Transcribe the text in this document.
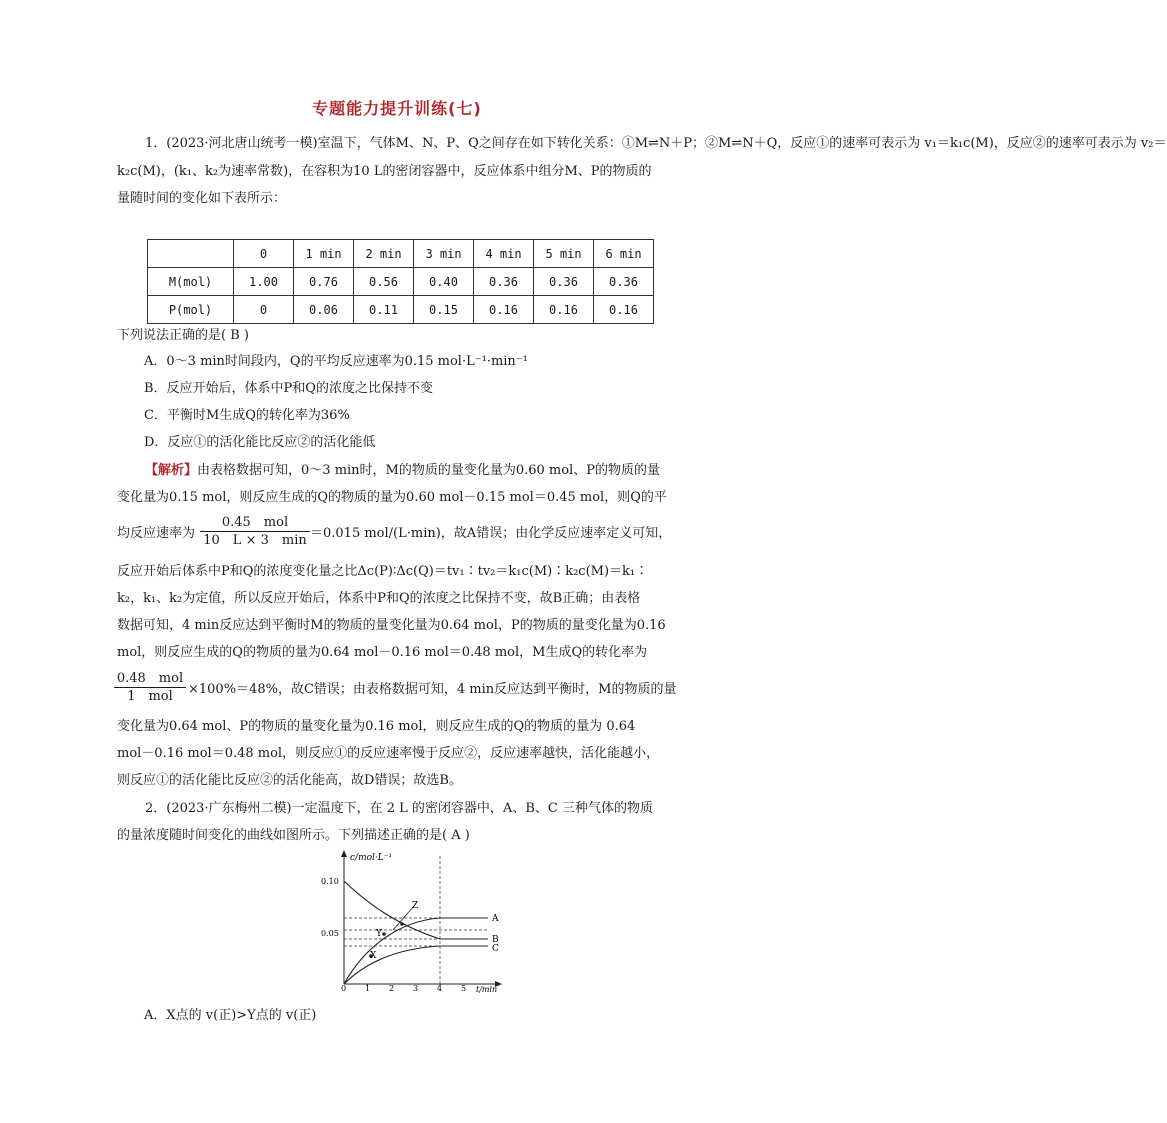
专题能力提升训练(七)
1．(2023·河北唐山统考一模)室温下，气体M、N、P、Q之间存在如下转化关系：①M⇌N＋P；②M⇌N＋Q，反应①的速率可表示为 v₁＝k₁c(M)，反应②的速率可表示为 v₂＝
k₂c(M)，(k₁、k₂为速率常数)，在容积为10 L的密闭容器中，反应体系中组分M、P的物质的
量随时间的变化如下表所示：
	0	1 min	2 min	3 min	4 min	5 min	6 min
M(mol)	1.00	0.76	0.56	0.40	0.36	0.36	0.36
P(mol)	0	0.06	0.11	0.15	0.16	0.16	0.16
下列说法正确的是( B )
A．0～3 min时间段内，Q的平均反应速率为0.15 mol·L⁻¹·min⁻¹
B．反应开始后，体系中P和Q的浓度之比保持不变
C．平衡时M生成Q的转化率为36%
D．反应①的活化能比反应②的活化能低
【解析】由表格数据可知，0～3 min时，M的物质的量变化量为0.60 mol、P的物质的量
变化量为0.15 mol，则反应生成的Q的物质的量为0.60 mol－0.15 mol＝0.45 mol，则Q的平
均反应速率为
0.45　mol
10　L × 3　min ＝0.015 mol/(L·min)，故A错误；由化学反应速率定义可知，
反应开始后体系中P和Q的浓度变化量之比Δc(P)∶Δc(Q)＝tv₁∶tv₂＝k₁c(M)∶k₂c(M)＝k₁∶
k₂，k₁、k₂为定值，所以反应开始后，体系中P和Q的浓度之比保持不变，故B正确；由表格
数据可知，4 min反应达到平衡时M的物质的量变化量为0.64 mol，P的物质的量变化量为0.16
mol，则反应生成的Q的物质的量为0.64 mol－0.16 mol＝0.48 mol，M生成Q的转化率为
0.48　mol
1　mol	×100%＝48%，故C错误；由表格数据可知，4 min反应达到平衡时，M的物质的量
变化量为0.64 mol、P的物质的量变化量为0.16 mol，则反应生成的Q的物质的量为 0.64
mol－0.16 mol＝0.48 mol，则反应①的反应速率慢于反应②，反应速率越快，活化能越小，
则反应①的活化能比反应②的活化能高，故D错误；故选B。
2．(2023·广东梅州二模)一定温度下，在 2 L 的密闭容器中，A、B、C 三种气体的物质
的量浓度随时间变化的曲线如图所示。下列描述正确的是( A )
c/mol·L⁻¹
t/min
0.10
0.05
0 1 2 3 4 5
A
B
C
X
Y
Z
A．X点的 v(正)>Y点的 v(正)
